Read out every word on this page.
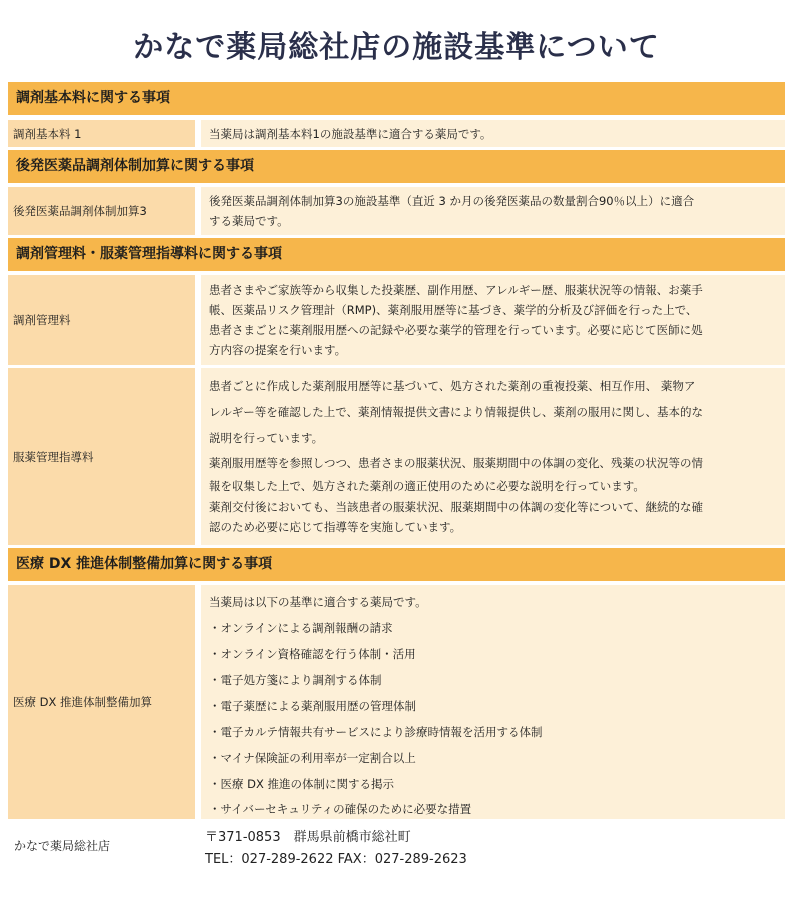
かなで薬局総社店の施設基準について
調剤基本料に関する事項
調剤基本料 1	当薬局は調剤基本料1の施設基準に適合する薬局です。

後発医薬品調剤体制加算に関する事項
後発医薬品調剤体制加算3

後発医薬品調剤体制加算3の施設基準（直近 3 か月の後発医薬品の数量割合90％以上）に適合

する薬局です。

調剤管理料・服薬管理指導料に関する事項
調剤管理料

患者さまやご家族等から収集した投薬歴、副作用歴、アレルギー歴、服薬状況等の情報、お薬手

帳、医薬品リスク管理計（RMP)、薬剤服用歴等に基づき、薬学的分析及び評価を行った上で、

患者さまごとに薬剤服用歴への記録や必要な薬学的管理を行っています。必要に応じて医師に処

方内容の提案を行います。

服薬管理指導料

患者ごとに作成した薬剤服用歴等に基づいて、処方された薬剤の重複投薬、相互作用、 薬物ア

レルギー等を確認した上で、薬剤情報提供文書により情報提供し、薬剤の服用に関し、基本的な

説明を行っています。

薬剤服用歴等を参照しつつ、患者さまの服薬状況、服薬期間中の体調の変化、残薬の状況等の情

報を収集した上で、処方された薬剤の適正使用のために必要な説明を行っています。

薬剤交付後においても、当該患者の服薬状況、服薬期間中の体調の変化等について、継続的な確

認のため必要に応じて指導等を実施しています。

医療 DX 推進体制整備加算に関する事項
医療 DX 推進体制整備加算

当薬局は以下の基準に適合する薬局です。

・オンラインによる調剤報酬の請求

・オンライン資格確認を行う体制・活用

・電子処方箋により調剤する体制

・電子薬歴による薬剤服用歴の管理体制

・電子カルテ情報共有サービスにより診療時情報を活用する体制

・マイナ保険証の利用率が一定割合以上

・医療 DX 推進の体制に関する掲示

・サイバーセキュリティの確保のために必要な措置

かなで薬局総社店

〒371-0853　群馬県前橋市総社町

TEL：027-289-2622 FAX：027-289-2623
